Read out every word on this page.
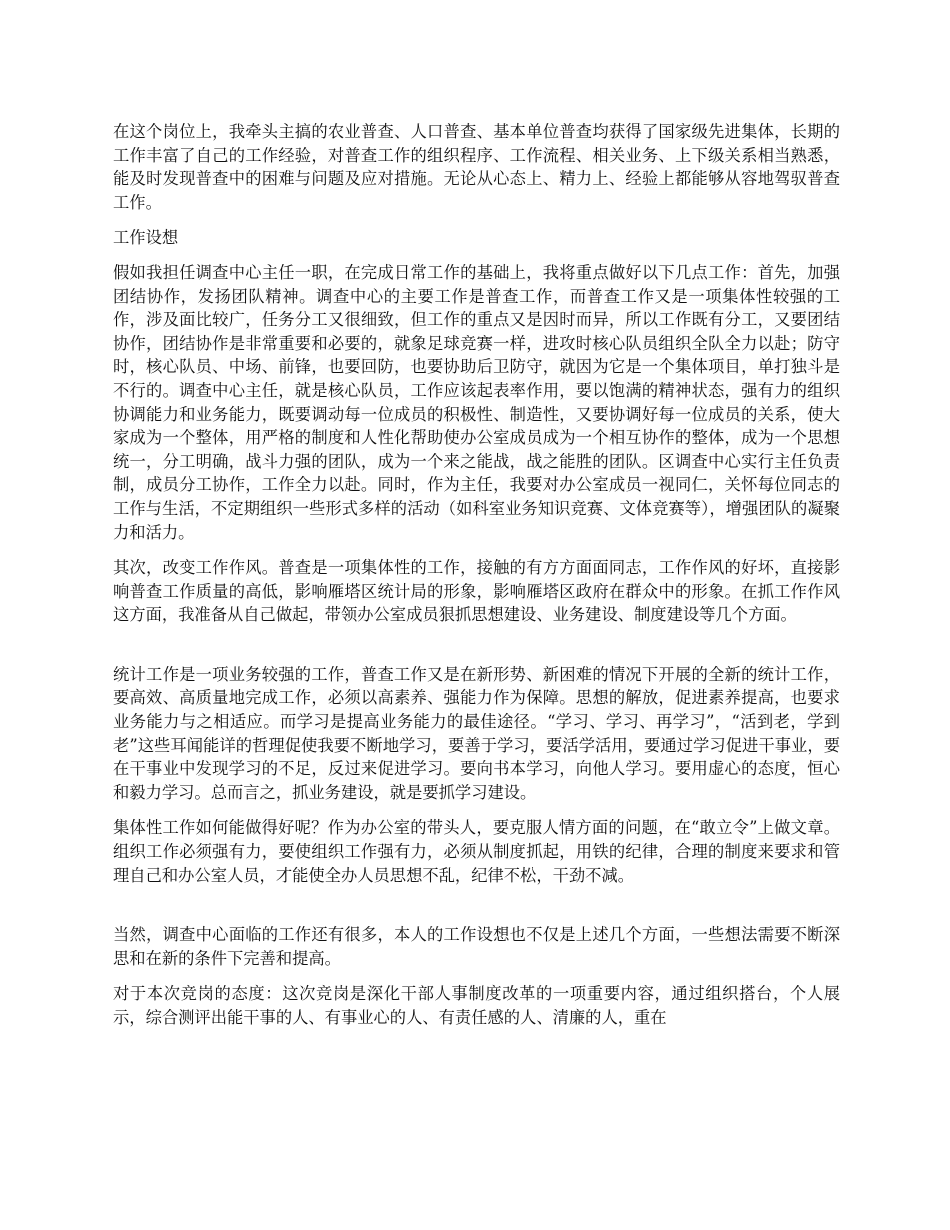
在这个岗位上，我牵头主搞的农业普查、人口普查、基本单位普查均获得了国家级先进集体，长期的工作丰富了自己的工作经验，对普查工作的组织程序、工作流程、相关业务、上下级关系相当熟悉，能及时发现普查中的困难与问题及应对措施。无论从心态上、精力上、经验上都能够从容地驾驭普查工作。

工作设想

假如我担任调查中心主任一职，在完成日常工作的基础上，我将重点做好以下几点工作：首先，加强团结协作，发扬团队精神。调查中心的主要工作是普查工作，而普查工作又是一项集体性较强的工作，涉及面比较广，任务分工又很细致，但工作的重点又是因时而异，所以工作既有分工，又要团结协作，团结协作是非常重要和必要的，就象足球竞赛一样，进攻时核心队员组织全队全力以赴；防守时，核心队员、中场、前锋，也要回防，也要协助后卫防守，就因为它是一个集体项目，单打独斗是不行的。调查中心主任，就是核心队员，工作应该起表率作用，要以饱满的精神状态，强有力的组织协调能力和业务能力，既要调动每一位成员的积极性、制造性，又要协调好每一位成员的关系，使大家成为一个整体，用严格的制度和人性化帮助使办公室成员成为一个相互协作的整体，成为一个思想统一，分工明确，战斗力强的团队，成为一个来之能战，战之能胜的团队。区调查中心实行主任负责制，成员分工协作，工作全力以赴。同时，作为主任，我要对办公室成员一视同仁，关怀每位同志的工作与生活，不定期组织一些形式多样的活动（如科室业务知识竞赛、文体竞赛等），增强团队的凝聚力和活力。

其次，改变工作作风。普查是一项集体性的工作，接触的有方方面面同志，工作作风的好坏，直接影响普查工作质量的高低，影响雁塔区统计局的形象，影响雁塔区政府在群众中的形象。在抓工作作风这方面，我准备从自己做起，带领办公室成员狠抓思想建设、业务建设、制度建设等几个方面。

统计工作是一项业务较强的工作，普查工作又是在新形势、新困难的情况下开展的全新的统计工作，要高效、高质量地完成工作，必须以高素养、强能力作为保障。思想的解放，促进素养提高，也要求业务能力与之相适应。而学习是提高业务能力的最佳途径。“学习、学习、再学习”，“活到老，学到老”这些耳闻能详的哲理促使我要不断地学习，要善于学习，要活学活用，要通过学习促进干事业，要在干事业中发现学习的不足，反过来促进学习。要向书本学习，向他人学习。要用虚心的态度，恒心和毅力学习。总而言之，抓业务建设，就是要抓学习建设。

集体性工作如何能做得好呢？作为办公室的带头人，要克服人情方面的问题，在“敢立令”上做文章。组织工作必须强有力，要使组织工作强有力，必须从制度抓起，用铁的纪律，合理的制度来要求和管理自己和办公室人员，才能使全办人员思想不乱，纪律不松，干劲不减。

当然，调查中心面临的工作还有很多，本人的工作设想也不仅是上述几个方面，一些想法需要不断深思和在新的条件下完善和提高。

对于本次竞岗的态度：这次竞岗是深化干部人事制度改革的一项重要内容，通过组织搭台，个人展示，综合测评出能干事的人、有事业心的人、有责任感的人、清廉的人，重在
